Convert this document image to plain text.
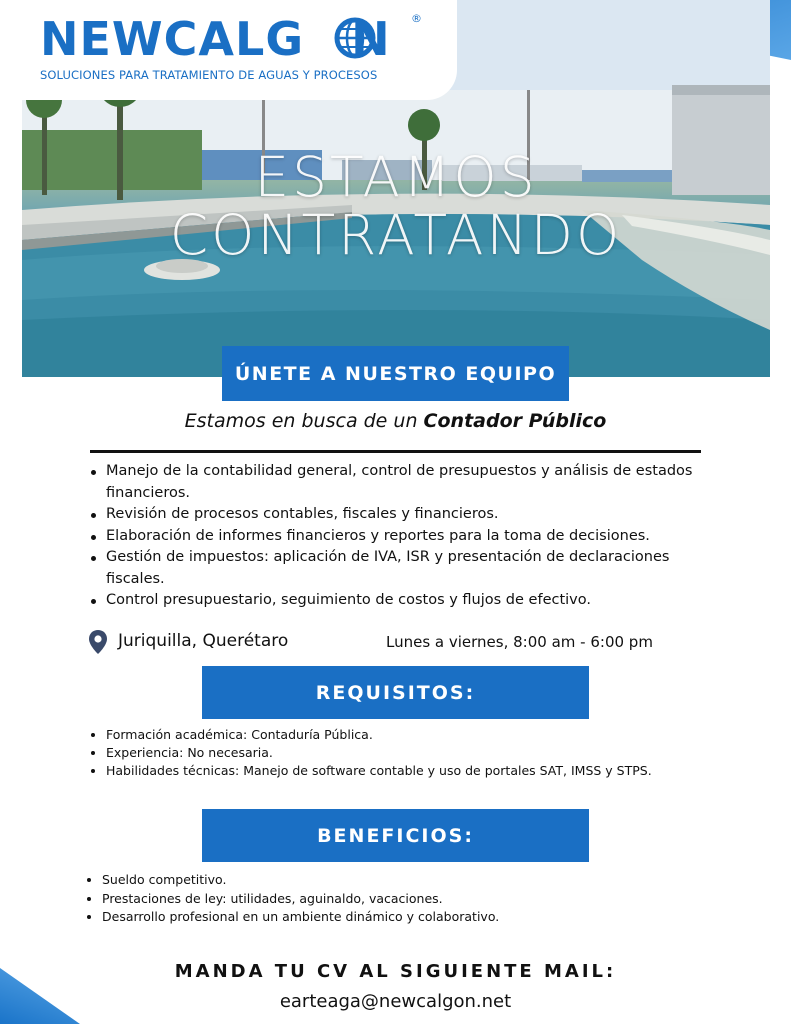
NEWCALG N ®
SOLUCIONES PARA TRATAMIENTO DE AGUAS Y PROCESOS
ESTAMOS
CONTRATANDO
ÚNETE A NUESTRO EQUIPO
Estamos en busca de un Contador Público
Manejo de la contabilidad general, control de presupuestos y análisis de estados financieros.
Revisión de procesos contables, fiscales y financieros.
Elaboración de informes financieros y reportes para la toma de decisiones.
Gestión de impuestos: aplicación de IVA, ISR y presentación de declaraciones fiscales.
Control presupuestario, seguimiento de costos y flujos de efectivo.
Juriquilla, Querétaro	Lunes a viernes, 8:00 am - 6:00 pm
REQUISITOS:
Formación académica: Contaduría Pública.
Experiencia: No necesaria.
Habilidades técnicas: Manejo de software contable y uso de portales SAT, IMSS y STPS.
BENEFICIOS:
Sueldo competitivo.
Prestaciones de ley: utilidades, aguinaldo, vacaciones.
Desarrollo profesional en un ambiente dinámico y colaborativo.
MANDA TU CV AL SIGUIENTE MAIL:
earteaga@newcalgon.net
